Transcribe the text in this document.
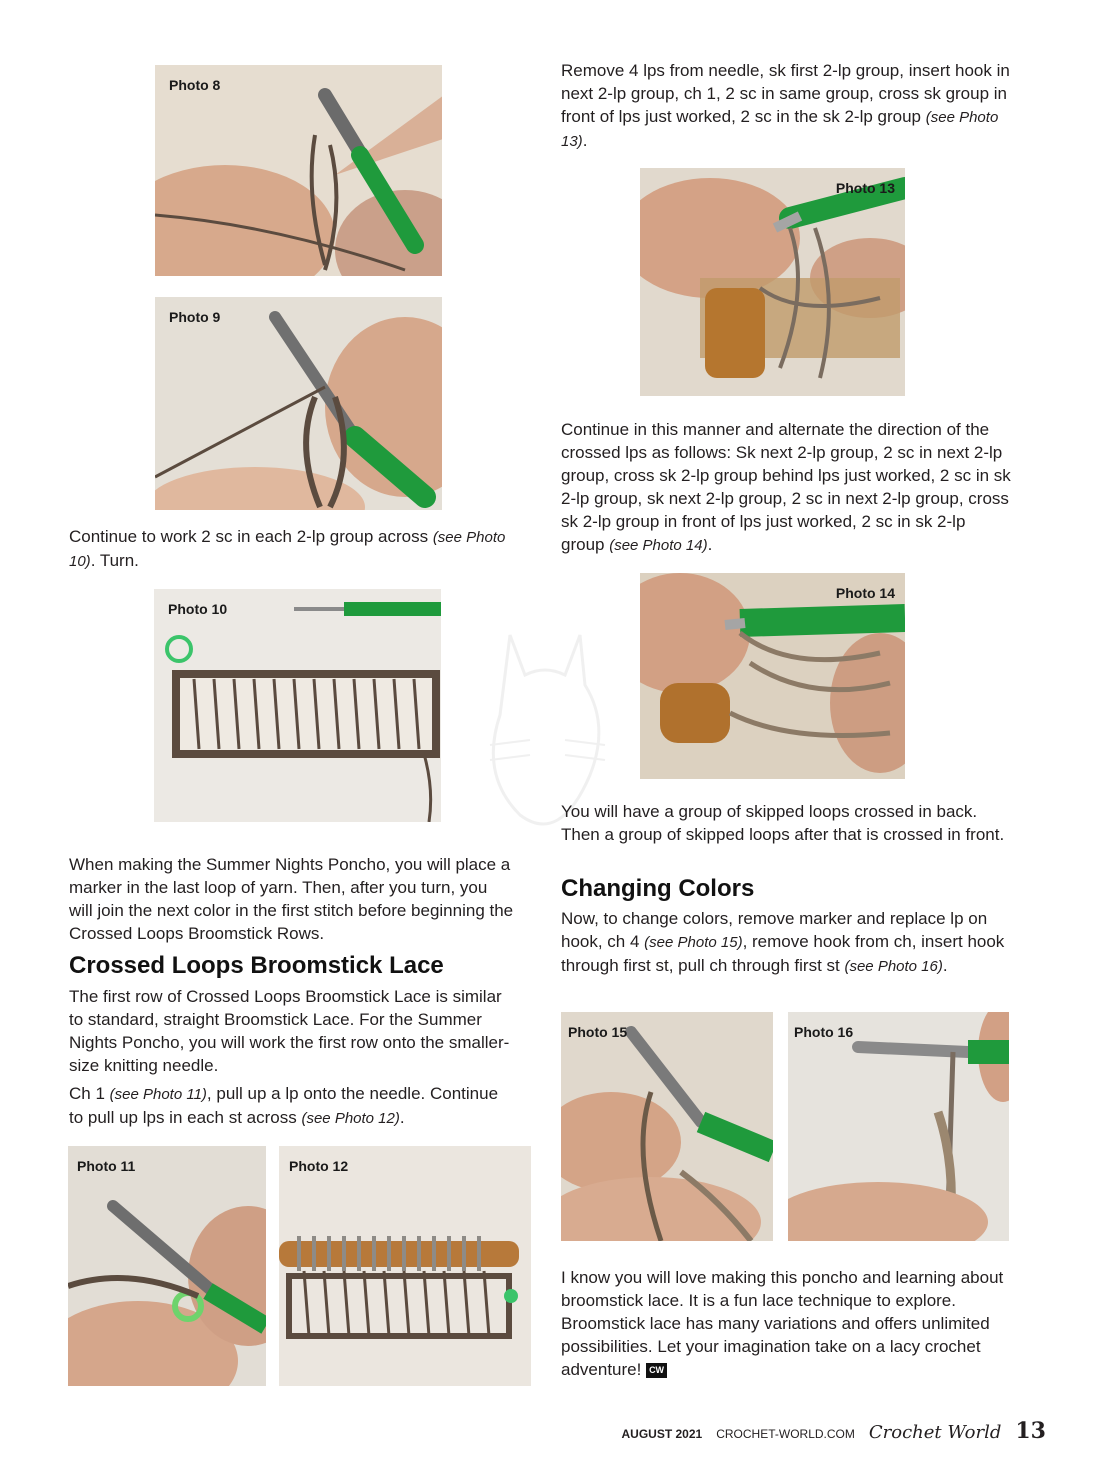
Photo 8
Photo 9

Continue to work 2 sc in each 2-lp group across (see Photo 10). Turn.

Photo 10

When making the Summer Nights Poncho, you will place a marker in the last loop of yarn. Then, after you turn, you will join the next color in the first stitch before beginning the Crossed Loops Broomstick Rows.

Crossed Loops Broomstick Lace

The first row of Crossed Loops Broomstick Lace is similar to standard, straight Broomstick Lace. For the Summer Nights Poncho, you will work the first row onto the smaller-size knitting needle.

Ch 1 (see Photo 11), pull up a lp onto the needle. Continue to pull up lps in each st across (see Photo 12).

Photo 11	Photo 12

Remove 4 lps from needle, sk first 2-lp group, insert hook in next 2-lp group, ch 1, 2 sc in same group, cross sk group in front of lps just worked, 2 sc in the sk 2-lp group (see Photo 13).

Photo 13

Continue in this manner and alternate the direction of the crossed lps as follows: Sk next 2-lp group, 2 sc in next 2-lp group, cross sk 2-lp group behind lps just worked, 2 sc in sk 2-lp group, sk next 2-lp group, 2 sc in next 2-lp group, cross sk 2-lp group in front of lps just worked, 2 sc in sk 2-lp group (see Photo 14).

Photo 14

You will have a group of skipped loops crossed in back. Then a group of skipped loops after that is crossed in front.

Changing Colors

Now, to change colors, remove marker and replace lp on hook, ch 4 (see Photo 15), remove hook from ch, insert hook through first st, pull ch through first st (see Photo 16).

Photo 15	Photo 16

I know you will love making this poncho and learning about broomstick lace. It is a fun lace technique to explore. Broomstick lace has many variations and offers unlimited possibilities. Let your imagination take on a lacy crochet adventure! CW

AUGUST 2021 CROCHET-WORLD.COM Crochet World 13
